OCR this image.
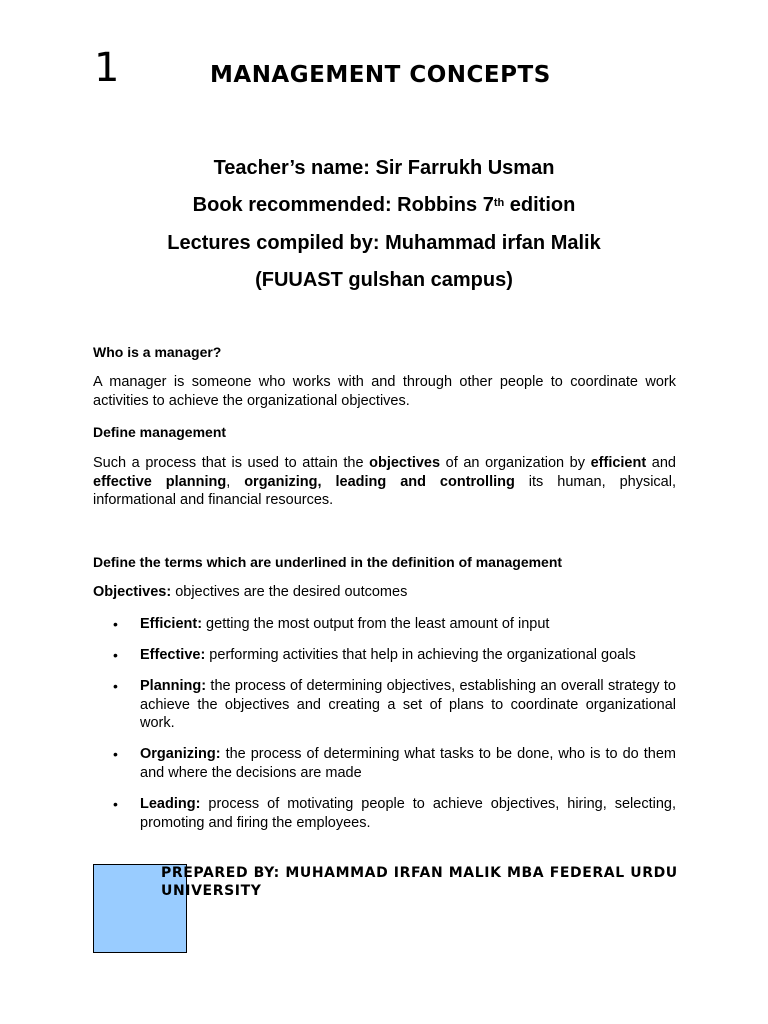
1	MANAGEMENT CONCEPTS
Teacher’s name: Sir Farrukh Usman
Book recommended: Robbins 7th edition
Lectures compiled by: Muhammad irfan Malik
(FUUAST gulshan campus)
Who is a manager?
A manager is someone who works with and through other people to coordinate work activities to achieve the organizational objectives.
Define management
Such a process that is used to attain the objectives of an organization by efficient and effective planning, organizing, leading and controlling its human, physical, informational and financial resources.
Define the terms which are underlined in the definition of management
Objectives: objectives are the desired outcomes
• Efficient: getting the most output from the least amount of input
• Effective: performing activities that help in achieving the organizational goals
• Planning: the process of determining objectives, establishing an overall strategy to achieve the objectives and creating a set of plans to coordinate organizational work.
• Organizing: the process of determining what tasks to be done, who is to do them and where the decisions are made
• Leading: process of motivating people to achieve objectives, hiring, selecting, promoting and firing the employees.
PREPARED BY: MUHAMMAD IRFAN MALIK MBA FEDERAL URDU UNIVERSITY
